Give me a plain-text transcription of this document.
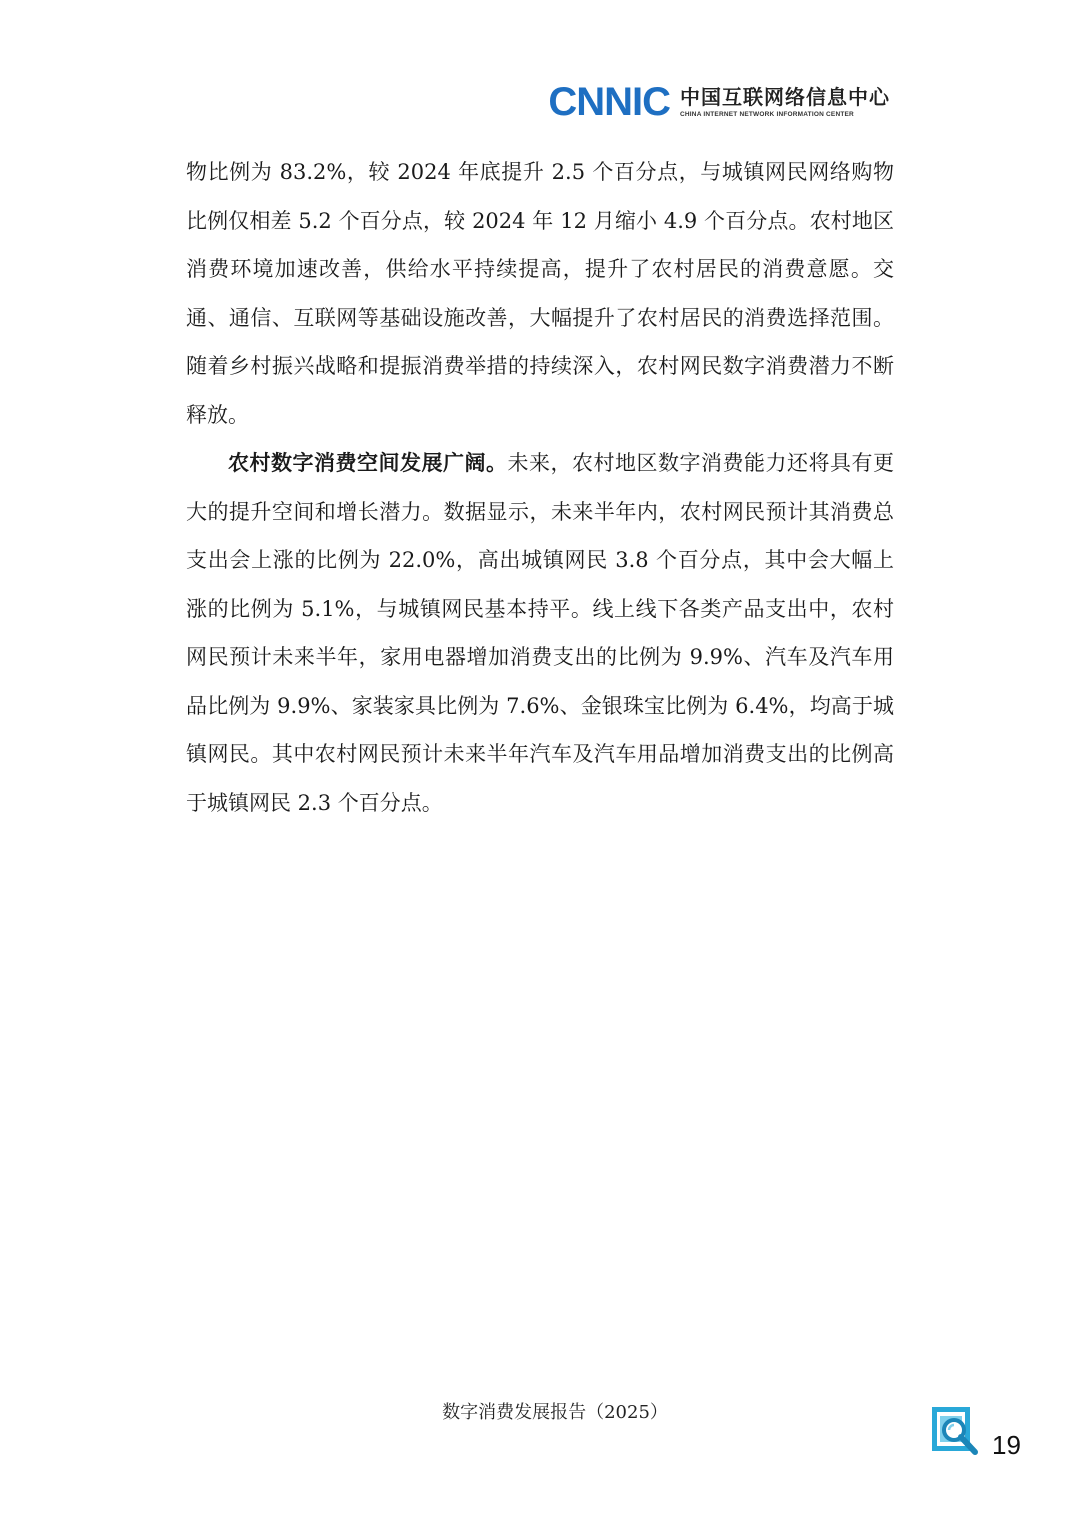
CNNIC 中国互联网络信息中心
CHINA INTERNET NETWORK INFORMATION CENTER

物比例为 83.2%，较 2024 年底提升 2.5 个百分点，与城镇网民网络购物比例仅相差 5.2 个百分点，较 2024 年 12 月缩小 4.9 个百分点。农村地区消费环境加速改善，供给水平持续提高，提升了农村居民的消费意愿。交通、通信、互联网等基础设施改善，大幅提升了农村居民的消费选择范围。随着乡村振兴战略和提振消费举措的持续深入，农村网民数字消费潜力不断释放。

农村数字消费空间发展广阔。未来，农村地区数字消费能力还将具有更大的提升空间和增长潜力。数据显示，未来半年内，农村网民预计其消费总支出会上涨的比例为 22.0%，高出城镇网民 3.8 个百分点，其中会大幅上涨的比例为 5.1%，与城镇网民基本持平。线上线下各类产品支出中，农村网民预计未来半年，家用电器增加消费支出的比例为 9.9%、汽车及汽车用品比例为 9.9%、家装家具比例为 7.6%、金银珠宝比例为 6.4%，均高于城镇网民。其中农村网民预计未来半年汽车及汽车用品增加消费支出的比例高于城镇网民 2.3 个百分点。

数字消费发展报告（2025）
19
